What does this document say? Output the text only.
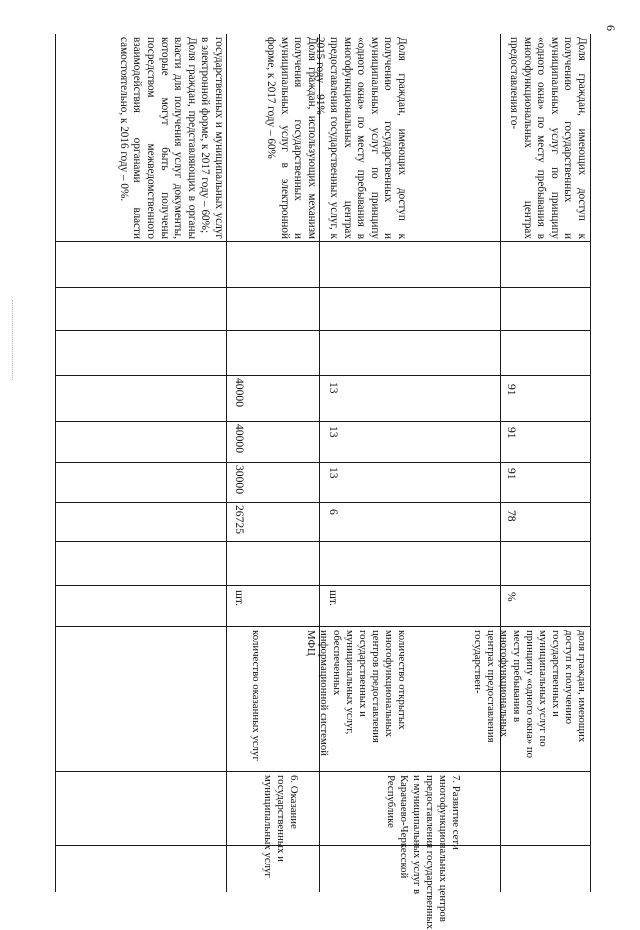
6
государственных и муниципальных услуг в электронной форме, к 2017 году – 60%;
Доля граждан, представляющих в органы власти для получения услуг документы, которые могут быть получены посредством межведомственного взаимодействия органами власти самостоятельно, к 2016 году – 0%.	Доля граждан, использующих механизм получения государственных и муниципальных услуг в электронной форме, к 2017 году – 60%
40000
40000
30000
26725
шт.
количество оказанных услуг
6. Оказание государственных и муниципальных услуг
Доля граждан, имеющих доступ к получению государственных и муниципальных услуг по принципу «одного окна» по месту пребывания в многофункциональных центрах предоставления государственных услуг, к 2015 году – 91%
13
13
13
6
шт.
количество открытых многофункциональных центров предоставления государственных и муниципальных услуг, обеспеченных информационной системой МФЦ
7. Развитие сети многофункциональных центров предоставления государственных и муниципальных услуг в Карачаево-Черкесской Республике
Доля граждан, имеющих доступ к получению государственных и муниципальных услуг по принципу «одного окна» по месту пребывания в многофункциональных центрах предоставления го-
91
91
91
78
%
доля граждан, имеющих доступ к получению государственных и муниципальных услуг по принципу «одного окна» по месту пребывания в многофункциональных центрах предоставления государствен-
